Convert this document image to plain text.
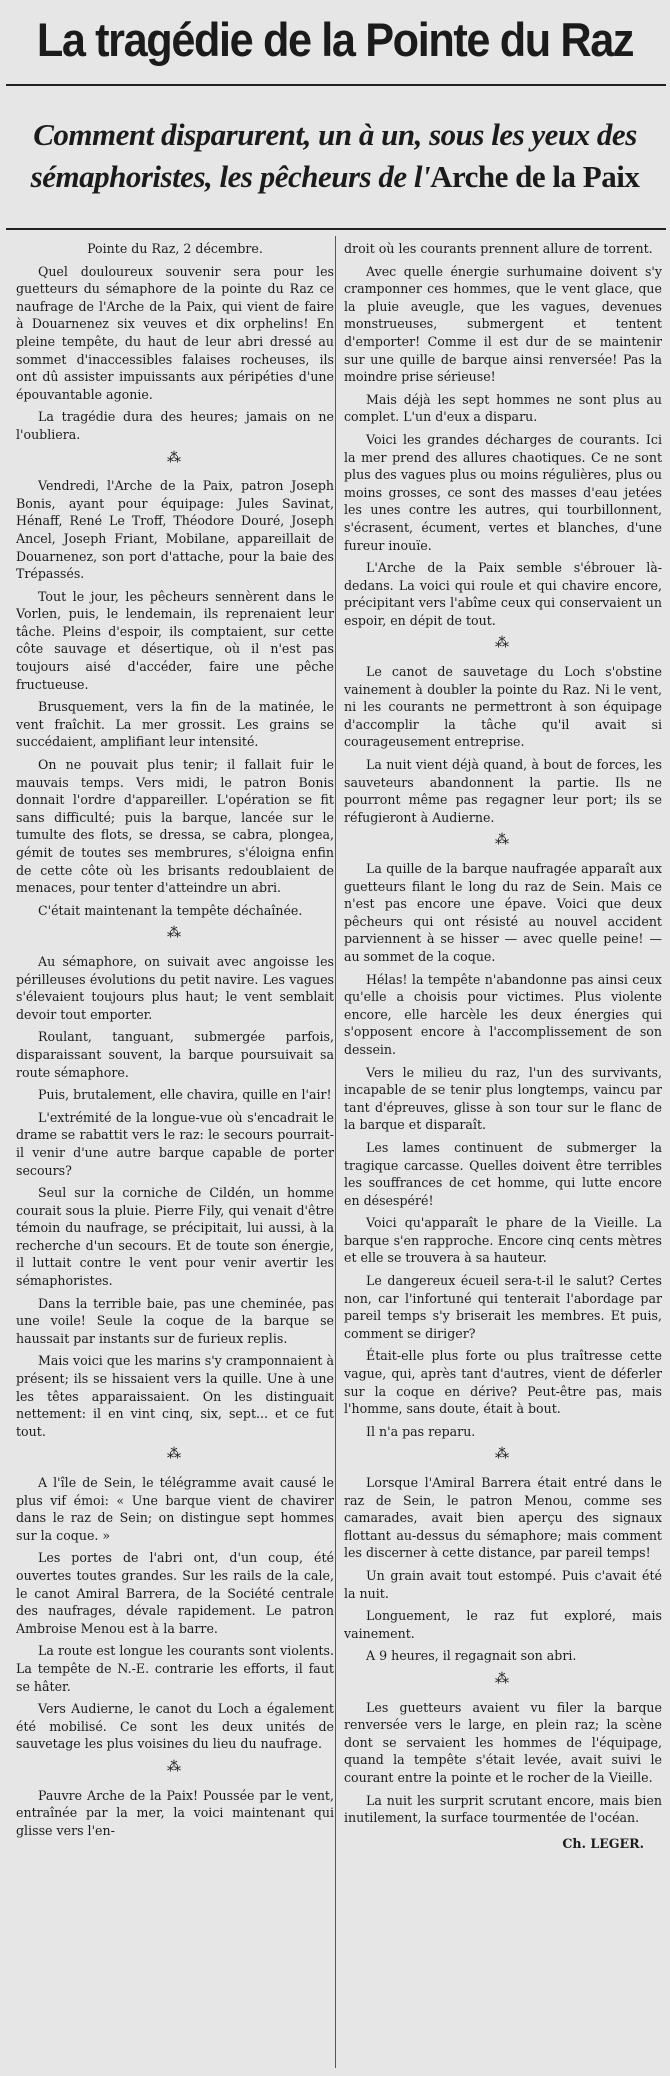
La tragédie de la Pointe du Raz
Comment disparurent, un à un, sous les yeux des sémaphoristes, les pêcheurs de l'Arche de la Paix

Pointe du Raz, 2 décembre.

Quel douloureux souvenir sera pour les guetteurs du sémaphore de la pointe du Raz ce naufrage de l'Arche de la Paix, qui vient de faire à Douarnenez six veuves et dix orphelins! En pleine tempête, du haut de leur abri dressé au sommet d'inaccessibles falaises rocheuses, ils ont dû assister impuissants aux péripéties d'une épouvantable agonie.

La tragédie dura des heures; jamais on ne l'oubliera.

⁂

Vendredi, l'Arche de la Paix, patron Joseph Bonis, ayant pour équipage: Jules Savinat, Hénaff, René Le Troff, Théodore Douré, Joseph Ancel, Joseph Friant, Mobilane, appareillait de Douarnenez, son port d'attache, pour la baie des Trépassés.

Tout le jour, les pêcheurs sennèrent dans le Vorlen, puis, le lendemain, ils reprenaient leur tâche. Pleins d'espoir, ils comptaient, sur cette côte sauvage et désertique, où il n'est pas toujours aisé d'accéder, faire une pêche fructueuse.

Brusquement, vers la fin de la matinée, le vent fraîchit. La mer grossit. Les grains se succédaient, amplifiant leur intensité.

On ne pouvait plus tenir; il fallait fuir le mauvais temps. Vers midi, le patron Bonis donnait l'ordre d'appareiller. L'opération se fit sans difficulté; puis la barque, lancée sur le tumulte des flots, se dressa, se cabra, plongea, gémit de toutes ses membrures, s'éloigna enfin de cette côte où les brisants redoublaient de menaces, pour tenter d'atteindre un abri.

C'était maintenant la tempête déchaînée.

⁂

Au sémaphore, on suivait avec angoisse les périlleuses évolutions du petit navire. Les vagues s'élevaient toujours plus haut; le vent semblait devoir tout emporter.

Roulant, tanguant, submergée parfois, disparaissant souvent, la barque poursuivait sa route sémaphore.

Puis, brutalement, elle chavira, quille en l'air!

L'extrémité de la longue-vue où s'encadrait le drame se rabattit vers le raz: le secours pourrait-il venir d'une autre barque capable de porter secours?

Seul sur la corniche de Cildén, un homme courait sous la pluie. Pierre Fily, qui venait d'être témoin du naufrage, se précipitait, lui aussi, à la recherche d'un secours. Et de toute son énergie, il luttait contre le vent pour venir avertir les sémaphoristes.

Dans la terrible baie, pas une cheminée, pas une voile! Seule la coque de la barque se haussait par instants sur de furieux replis.

Mais voici que les marins s'y cramponnaient à présent; ils se hissaient vers la quille. Une à une les têtes apparaissaient. On les distinguait nettement: il en vint cinq, six, sept... et ce fut tout.

⁂

A l'île de Sein, le télégramme avait causé le plus vif émoi: « Une barque vient de chavirer dans le raz de Sein; on distingue sept hommes sur la coque. »

Les portes de l'abri ont, d'un coup, été ouvertes toutes grandes. Sur les rails de la cale, le canot Amiral Barrera, de la Société centrale des naufrages, dévale rapidement. Le patron Ambroise Menou est à la barre.

La route est longue les courants sont violents. La tempête de N.-E. contrarie les efforts, il faut se hâter.

Vers Audierne, le canot du Loch a également été mobilisé. Ce sont les deux unités de sauvetage les plus voisines du lieu du naufrage.

⁂

Pauvre Arche de la Paix! Poussée par le vent, entraînée par la mer, la voici maintenant qui glisse vers l'en-

droit où les courants prennent allure de torrent.

Avec quelle énergie surhumaine doivent s'y cramponner ces hommes, que le vent glace, que la pluie aveugle, que les vagues, devenues monstrueuses, submergent et tentent d'emporter! Comme il est dur de se maintenir sur une quille de barque ainsi renversée! Pas la moindre prise sérieuse!

Mais déjà les sept hommes ne sont plus au complet. L'un d'eux a disparu.

Voici les grandes décharges de courants. Ici la mer prend des allures chaotiques. Ce ne sont plus des vagues plus ou moins régulières, plus ou moins grosses, ce sont des masses d'eau jetées les unes contre les autres, qui tourbillonnent, s'écrasent, écument, vertes et blanches, d'une fureur inouïe.

L'Arche de la Paix semble s'ébrouer là-dedans. La voici qui roule et qui chavire encore, précipitant vers l'abîme ceux qui conservaient un espoir, en dépit de tout.

⁂

Le canot de sauvetage du Loch s'obstine vainement à doubler la pointe du Raz. Ni le vent, ni les courants ne permettront à son équipage d'accomplir la tâche qu'il avait si courageusement entreprise.

La nuit vient déjà quand, à bout de forces, les sauveteurs abandonnent la partie. Ils ne pourront même pas regagner leur port; ils se réfugieront à Audierne.

⁂

La quille de la barque naufragée apparaît aux guetteurs filant le long du raz de Sein. Mais ce n'est pas encore une épave. Voici que deux pêcheurs qui ont résisté au nouvel accident parviennent à se hisser — avec quelle peine! — au sommet de la coque.

Hélas! la tempête n'abandonne pas ainsi ceux qu'elle a choisis pour victimes. Plus violente encore, elle harcèle les deux énergies qui s'opposent encore à l'accomplissement de son dessein.

Vers le milieu du raz, l'un des survivants, incapable de se tenir plus longtemps, vaincu par tant d'épreuves, glisse à son tour sur le flanc de la barque et disparaît.

Les lames continuent de submerger la tragique carcasse. Quelles doivent être terribles les souffrances de cet homme, qui lutte encore en désespéré!

Voici qu'apparaît le phare de la Vieille. La barque s'en rapproche. Encore cinq cents mètres et elle se trouvera à sa hauteur.

Le dangereux écueil sera-t-il le salut? Certes non, car l'infortuné qui tenterait l'abordage par pareil temps s'y briserait les membres. Et puis, comment se diriger?

Était-elle plus forte ou plus traîtresse cette vague, qui, après tant d'autres, vient de déferler sur la coque en dérive? Peut-être pas, mais l'homme, sans doute, était à bout.

Il n'a pas reparu.

⁂

Lorsque l'Amiral Barrera était entré dans le raz de Sein, le patron Menou, comme ses camarades, avait bien aperçu des signaux flottant au-dessus du sémaphore; mais comment les discerner à cette distance, par pareil temps!

Un grain avait tout estompé. Puis c'avait été la nuit.

Longuement, le raz fut exploré, mais vainement.

A 9 heures, il regagnait son abri.

⁂

Les guetteurs avaient vu filer la barque renversée vers le large, en plein raz; la scène dont se servaient les hommes de l'équipage, quand la tempête s'était levée, avait suivi le courant entre la pointe et le rocher de la Vieille.

La nuit les surprit scrutant encore, mais bien inutilement, la surface tourmentée de l'océan.

Ch. LEGER.
